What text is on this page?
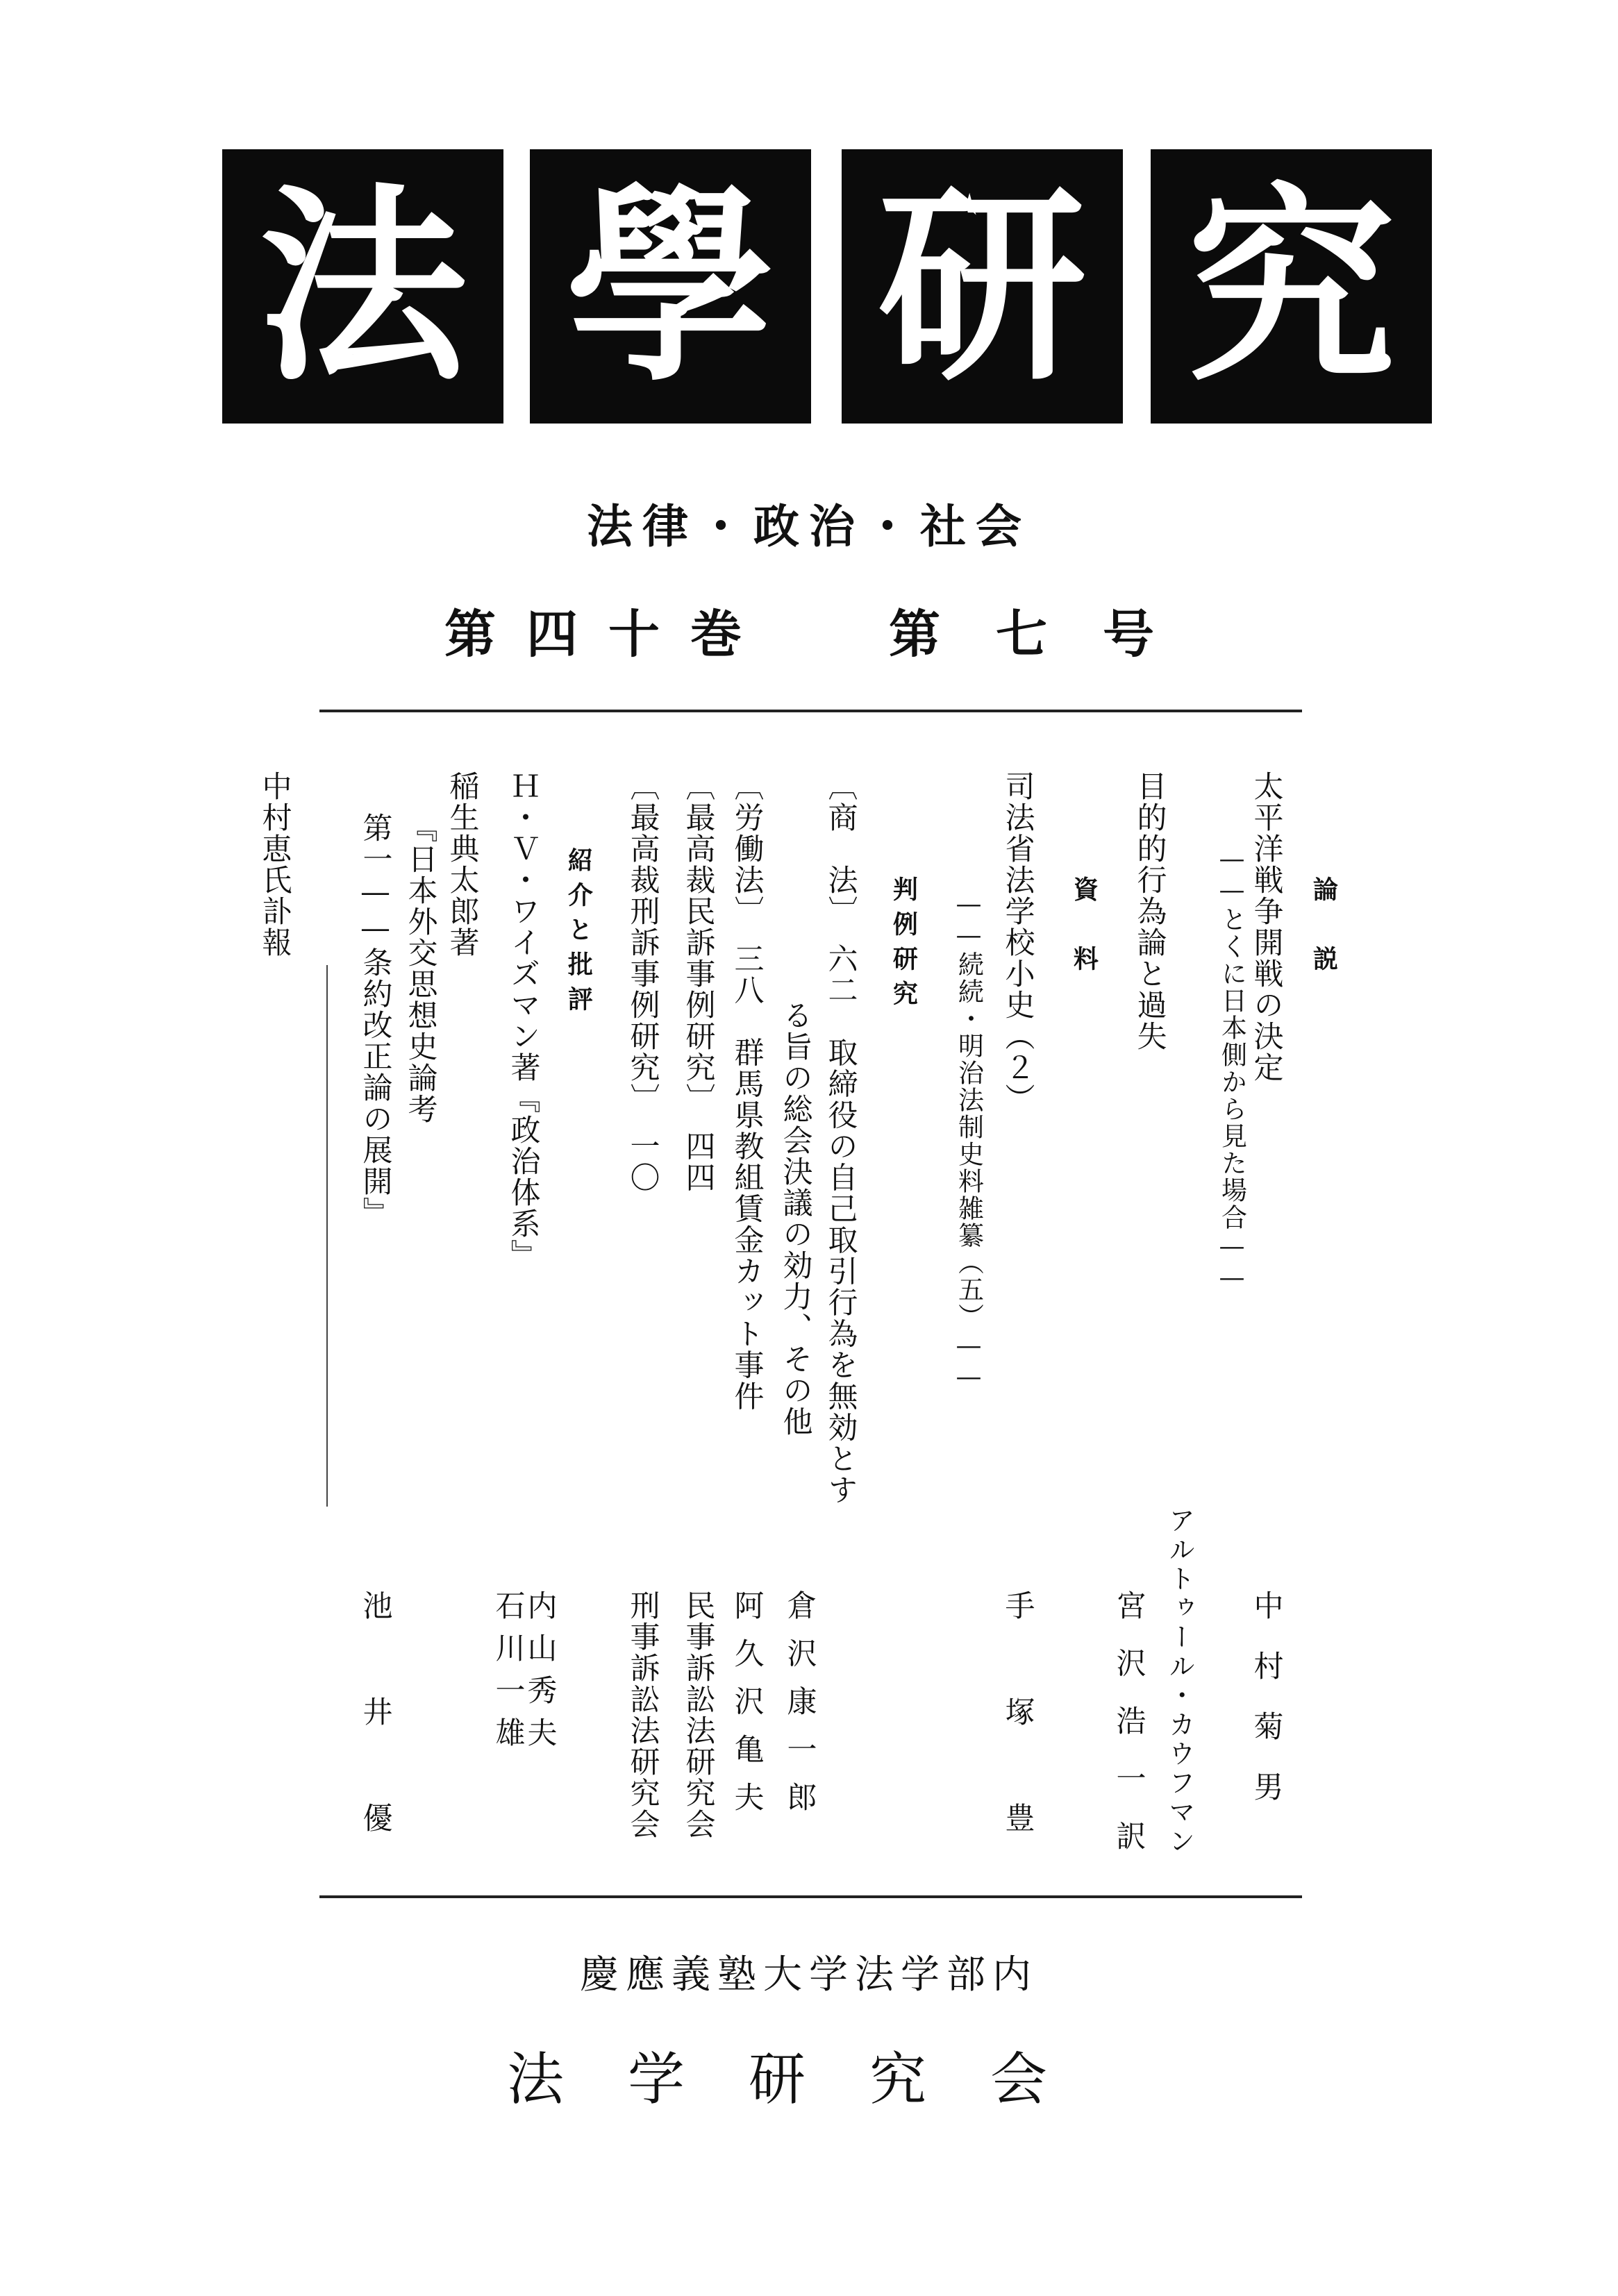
法 學 研 究
法律・政治・社会
第四十巻 第七号
論　説
太平洋戦争開戦の決定
——とくに日本側から見た場合——
中村菊男
目的的行為論と過失
アルトゥール・カウフマン
宮沢浩一訳
資　料
司法省法学校小史（２）
——続続・明治法制史料雑纂（五）——
手塚豊
判例研究
〔商　法〕　六二　取締役の自己取引行為を無効とす
る旨の総会決議の効力、その他
倉沢康一郎
〔労働法〕　三八　群馬県教組賃金カット事件
阿久沢亀夫
〔最高裁民訴事例研究〕　四四
民事訴訟法研究会
〔最高裁刑訴事例研究〕　一〇
刑事訴訟法研究会
紹介と批評
Ｈ・Ｖ・ワイズマン著『政治体系』
内山秀夫
石川一雄
稲生典太郎著
『日本外交思想史論考
第一——条約改正論の展開』
池井優
中村恵氏訃報
慶應義塾大学法学部内
法学研究会
